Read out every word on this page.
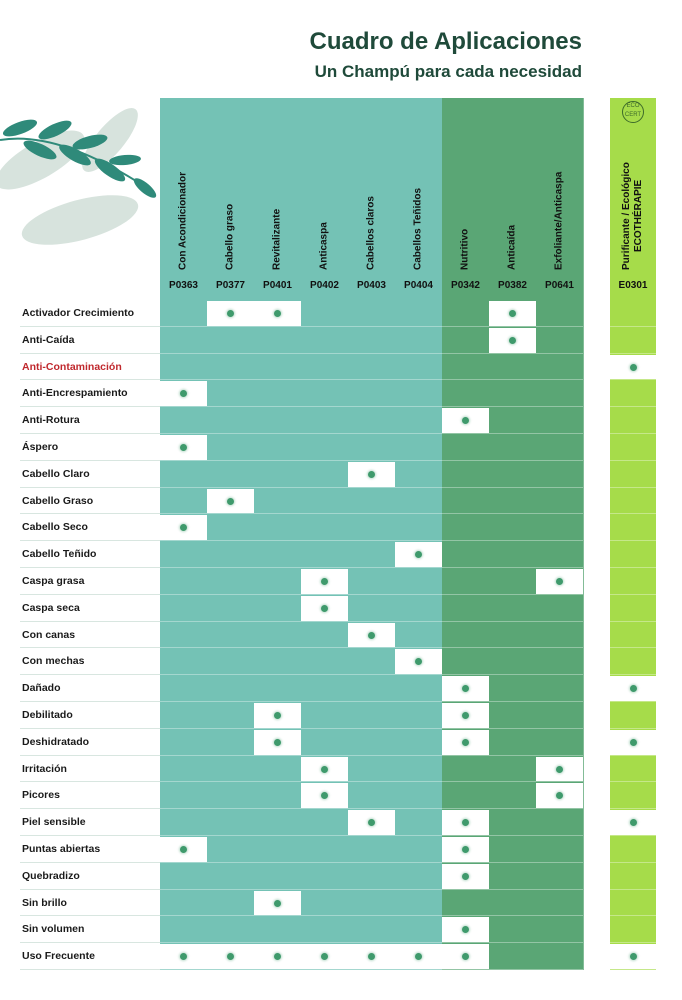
Cuadro de Aplicaciones
Un Champú para cada necesidad
Con Acondicionador
P0363
Cabello graso
P0377
Revitalizante
P0401
Anticaspa
P0402
Cabellos claros
P0403
Cabellos Teñidos
P0404
Nutritivo
P0342
Anticaída
P0382
Exfoliante/Anticaspa
P0641
Purificante / Ecológico
ECOTHÉRAPIE
E0301
ECO CERT
Activador Crecimiento
Anti-Caída
Anti-Contaminación
Anti-Encrespamiento
Anti-Rotura
Áspero
Cabello Claro
Cabello Graso
Cabello Seco
Cabello Teñido
Caspa grasa
Caspa seca
Con canas
Con mechas
Dañado
Debilitado
Deshidratado
Irritación
Picores
Piel sensible
Puntas abiertas
Quebradizo
Sin brillo
Sin volumen
Uso Frecuente
